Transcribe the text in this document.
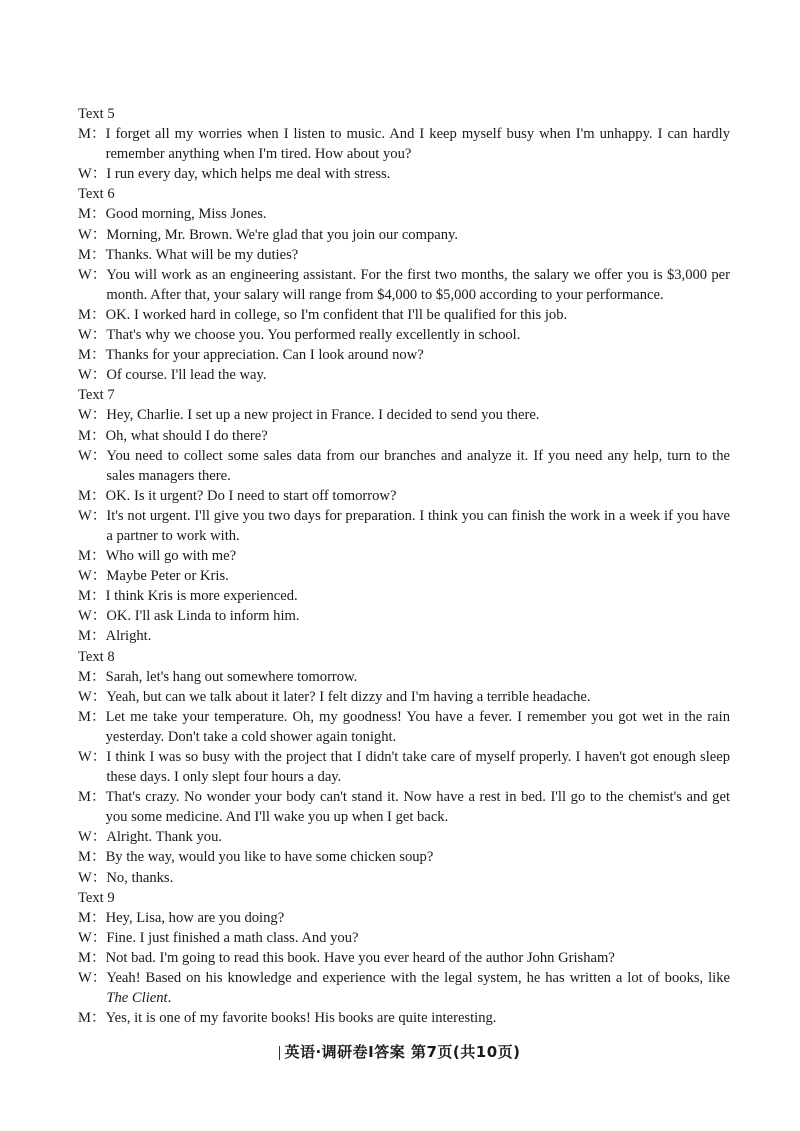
Text 5

M： I forget all my worries when I listen to music. And I keep myself busy when I'm unhappy. I can hardly remember anything when I'm tired. How about you?
W： I run every day, which helps me deal with stress.

Text 6

M： Good morning, Miss Jones.
W： Morning, Mr. Brown. We're glad that you join our company.
M： Thanks. What will be my duties?
W： You will work as an engineering assistant. For the first two months, the salary we offer you is $3,000 per month. After that, your salary will range from $4,000 to $5,000 according to your performance.
M： OK. I worked hard in college, so I'm confident that I'll be qualified for this job.
W： That's why we choose you. You performed really excellently in school.
M： Thanks for your appreciation. Can I look around now?
W： Of course. I'll lead the way.

Text 7

W： Hey, Charlie. I set up a new project in France. I decided to send you there.
M： Oh, what should I do there?
W： You need to collect some sales data from our branches and analyze it. If you need any help, turn to the sales managers there.
M： OK. Is it urgent? Do I need to start off tomorrow?
W： It's not urgent. I'll give you two days for preparation. I think you can finish the work in a week if you have a partner to work with.
M： Who will go with me?
W： Maybe Peter or Kris.
M： I think Kris is more experienced.
W： OK. I'll ask Linda to inform him.
M： Alright.

Text 8

M： Sarah, let's hang out somewhere tomorrow.
W： Yeah, but can we talk about it later? I felt dizzy and I'm having a terrible headache.
M： Let me take your temperature. Oh, my goodness! You have a fever. I remember you got wet in the rain yesterday. Don't take a cold shower again tonight.
W： I think I was so busy with the project that I didn't take care of myself properly. I haven't got enough sleep these days. I only slept four hours a day.
M： That's crazy. No wonder your body can't stand it. Now have a rest in bed. I'll go to the chemist's and get you some medicine. And I'll wake you up when I get back.
W： Alright. Thank you.
M： By the way, would you like to have some chicken soup?
W： No, thanks.

Text 9

M： Hey, Lisa, how are you doing?
W： Fine. I just finished a math class. And you?
M： Not bad. I'm going to read this book. Have you ever heard of the author John Grisham?
W： Yeah! Based on his knowledge and experience with the legal system, he has written a lot of books, like The Client.
M： Yes, it is one of my favorite books! His books are quite interesting.
英语·调研卷Ⅰ答案 第7页(共10页)
